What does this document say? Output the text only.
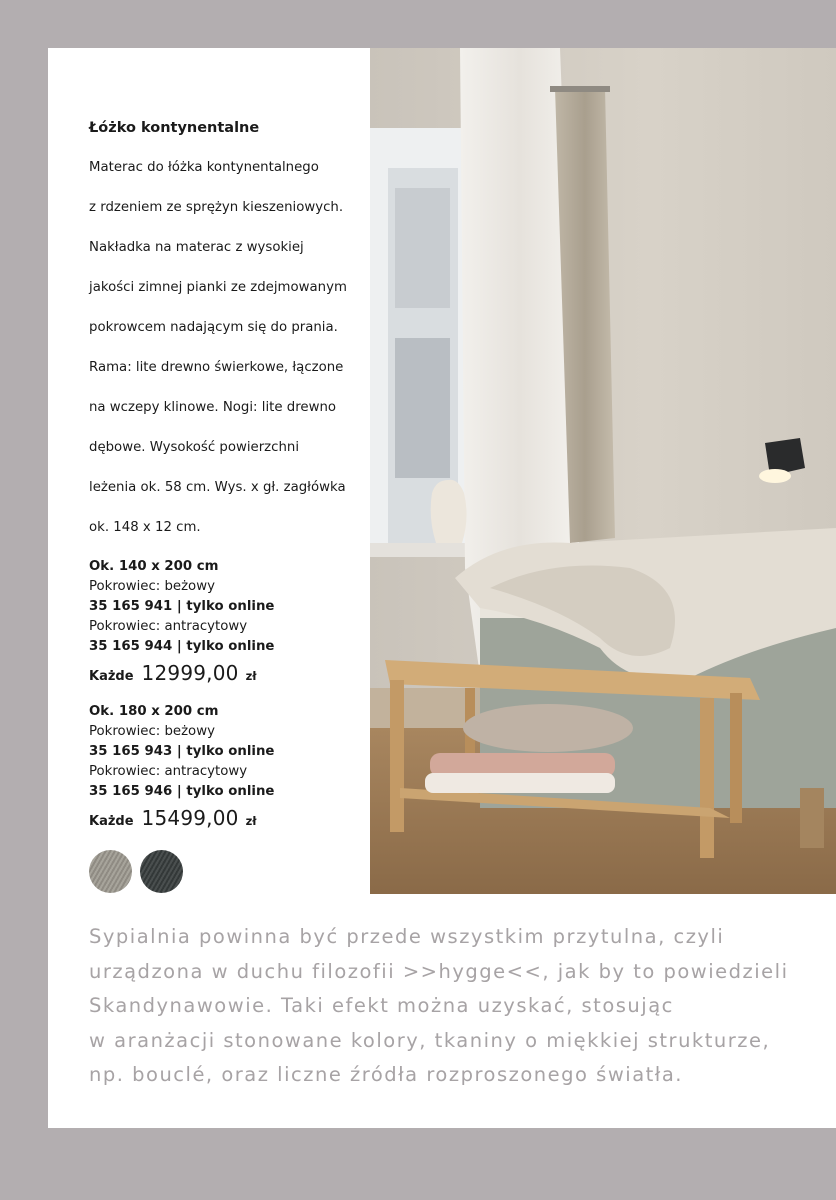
Łóżko kontynentalne

Materac do łóżka kontynentalnego

z rdzeniem ze sprężyn kieszeniowych.

Nakładka na materac z wysokiej

jakości zimnej pianki ze zdejmowanym

pokrowcem nadającym się do prania.

Rama: lite drewno świerkowe, łączone

na wczepy klinowe. Nogi: lite drewno

dębowe. Wysokość powierzchni

leżenia ok. 58 cm. Wys. x gł. zagłówka

ok. 148 x 12 cm.

Ok. 140 x 200 cm
Pokrowiec: beżowy
35 165 941 | tylko online
Pokrowiec: antracytowy
35 165 944 | tylko online
Każde 12999,00 zł
Ok. 180 x 200 cm
Pokrowiec: beżowy
35 165 943 | tylko online
Pokrowiec: antracytowy
35 165 946 | tylko online
Każde 15499,00 zł

Sypialnia powinna być przede wszystkim przytulna, czyli
urządzona w duchu filozofii >>hygge<<, jak by to powiedzieli
Skandynawowie. Taki efekt można uzyskać, stosując
w aranżacji stonowane kolory, tkaniny o miękkiej strukturze,
np. bouclé, oraz liczne źródła rozproszonego światła.
